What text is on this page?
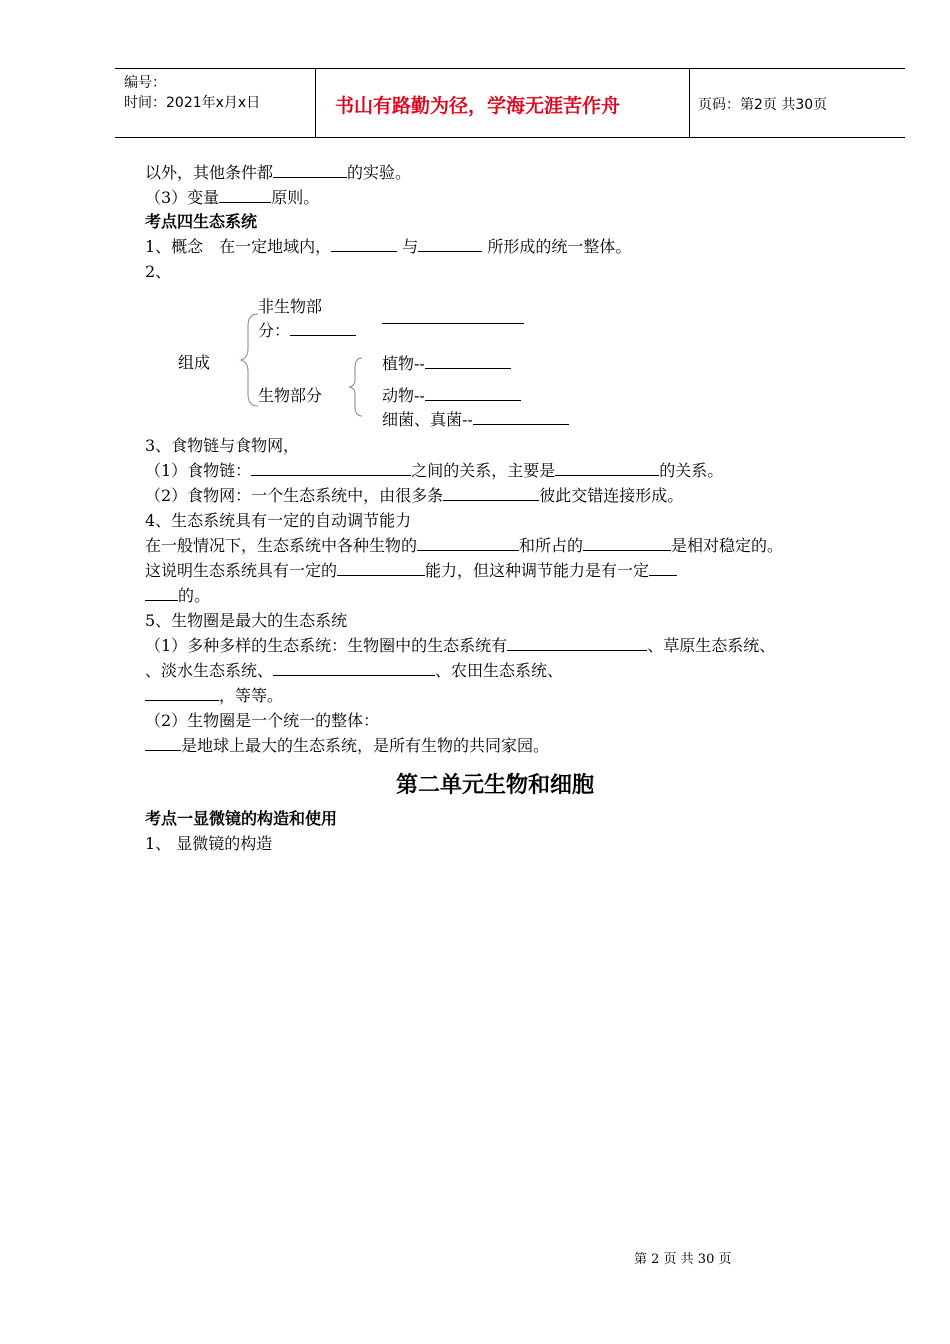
编号：
时间：2021年x月x日	书山有路勤为径，学海无涯苦作舟	页码：第2页 共30页
以外，其他条件都	的实验。
（3）变量	原则。
考点四生态系统
1、概念　在一定地域内，	与	所形成的统一整体。
2、
非生物部
分：
组成
生物部分
植物--
动物--
细菌、真菌--
3、食物链与食物网，
（1）食物链：	之间的关系，主要是	的关系。
（2）食物网：一个生态系统中，由很多条	彼此交错连接形成。
4、生态系统具有一定的自动调节能力
在一般情况下，生态系统中各种生物的	和所占的	是相对稳定的。
这说明生态系统具有一定的	能力，但这种调节能力是有一定
的。
5、生物圈是最大的生态系统
（1）多种多样的生态系统：生物圈中的生态系统有	、草原生态系统、
、淡水生态系统、	、农田生态系统、
，等等。
（2）生物圈是一个统一的整体：
是地球上最大的生态系统，是所有生物的共同家园。
第二单元生物和细胞
考点一显微镜的构造和使用
1、 显微镜的构造
第 2 页 共 30 页
